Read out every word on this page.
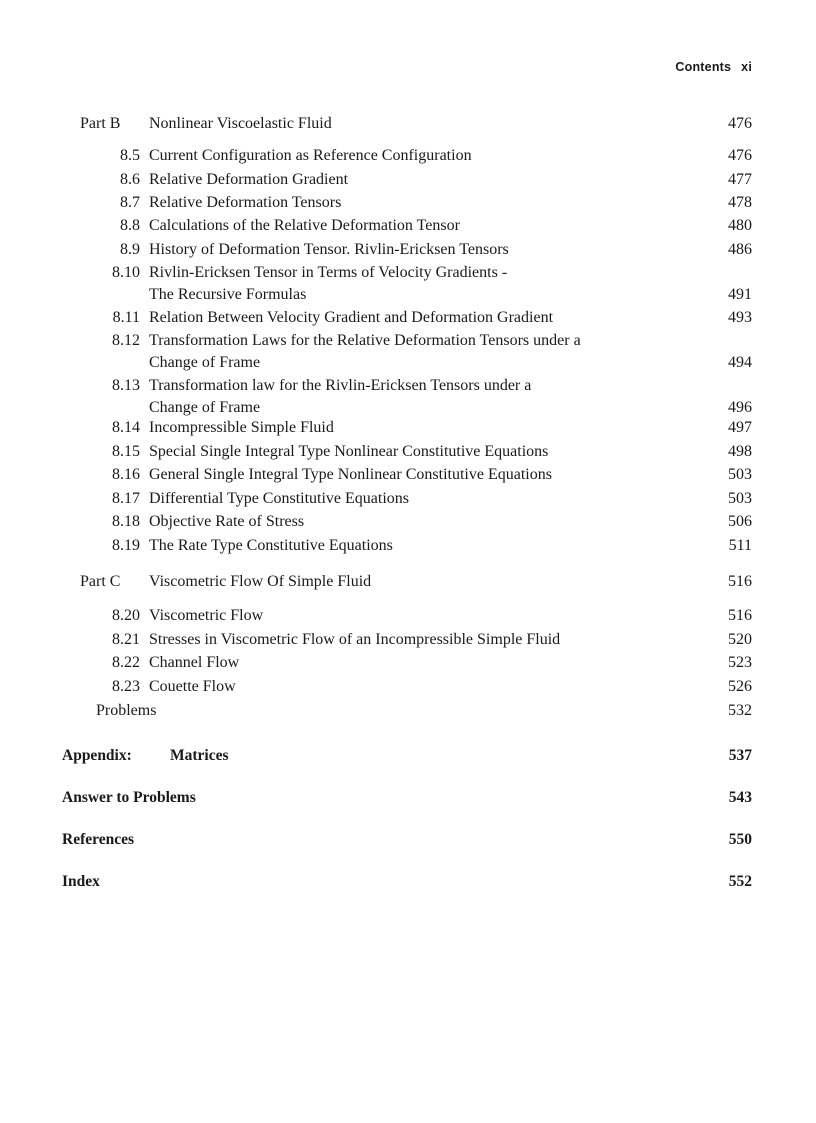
Contents xi
Part B Nonlinear Viscoelastic Fluid	476
8.5 Current Configuration as Reference Configuration	476
8.6 Relative Deformation Gradient	477
8.7 Relative Deformation Tensors	478
8.8 Calculations of the Relative Deformation Tensor	480
8.9 History of Deformation Tensor. Rivlin-Ericksen Tensors	486
8.10 Rivlin-Ericksen Tensor in Terms of Velocity Gradients -
The Recursive Formulas	491
8.11 Relation Between Velocity Gradient and Deformation Gradient	493
8.12 Transformation Laws for the Relative Deformation Tensors under a
Change of Frame	494
8.13 Transformation law for the Rivlin-Ericksen Tensors under a
Change of Frame	496
8.14 Incompressible Simple Fluid	497
8.15 Special Single Integral Type Nonlinear Constitutive Equations	498
8.16 General Single Integral Type Nonlinear Constitutive Equations	503
8.17 Differential Type Constitutive Equations	503
8.18 Objective Rate of Stress	506
8.19 The Rate Type Constitutive Equations	511
Part C Viscometric Flow Of Simple Fluid	516
8.20 Viscometric Flow	516
8.21 Stresses in Viscometric Flow of an Incompressible Simple Fluid	520
8.22 Channel Flow	523
8.23 Couette Flow	526
Problems	532
Appendix: Matrices	537
Answer to Problems	543
References	550
Index	552
